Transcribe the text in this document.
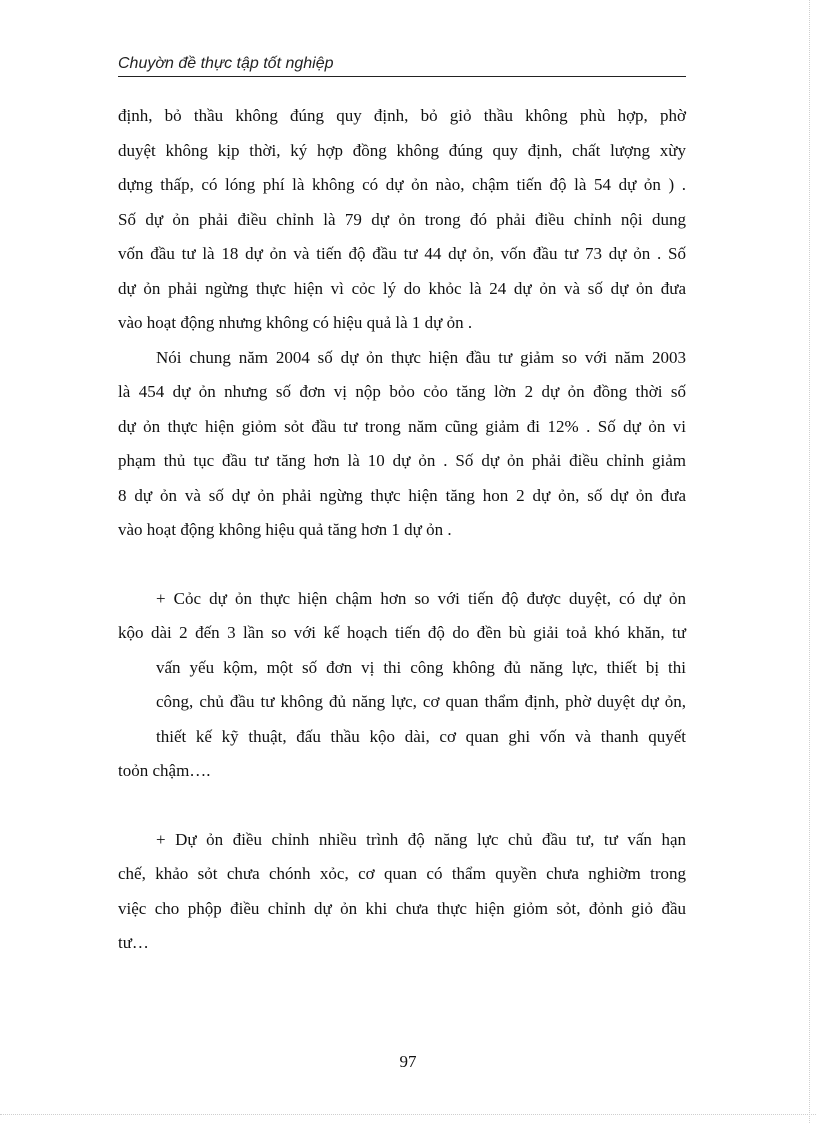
Chuyờn đề thực tập tốt nghiệp
định, bỏ thầu không đúng quy định, bỏ giỏ thầu không phù hợp, phờ
duyệt không kịp thời, ký hợp đồng không đúng quy định, chất lượng xừy
dựng thấp, có lóng phí là không có dự ỏn nào, chậm tiến độ là 54 dự ỏn ) .
Số dự ỏn phải điều chỉnh là 79 dự ỏn trong đó phải điều chỉnh nội dung
vốn đầu tư là 18 dự ỏn và tiến độ đầu tư 44 dự ỏn, vốn đầu tư 73 dự ỏn . Số
dự ỏn phải ngừng thực hiện vì cỏc lý do khỏc là 24 dự ỏn và số dự ỏn đưa
vào hoạt động nhưng không có hiệu quả là 1 dự ỏn .
Nói chung năm 2004 số dự ỏn thực hiện đầu tư giảm so với năm 2003
là 454 dự ỏn nhưng số đơn vị nộp bỏo cỏo tăng lờn 2 dự ỏn đồng thời số
dự ỏn thực hiện giỏm sỏt đầu tư trong năm cũng giảm đi 12% . Số dự ỏn vi
phạm thủ tục đầu tư tăng hơn là 10 dự ỏn . Số dự ỏn phải điều chỉnh giảm
8 dự ỏn và số dự ỏn phải ngừng thực hiện tăng hon 2 dự ỏn, số dự ỏn đưa
vào hoạt động không hiệu quả tăng hơn 1 dự ỏn .
+ Cỏc dự ỏn thực hiện chậm hơn so với tiến độ được duyệt, có dự ỏn
kộo dài 2 đến 3 lần so với kế hoạch tiến độ do đền bù giải toả khó khăn, tư
vấn yếu kộm, một số đơn vị thi công không đủ năng lực, thiết bị thi
công, chủ đầu tư không đủ năng lực, cơ quan thẩm định, phờ duyệt dự ỏn,
thiết kế kỹ thuật, đấu thầu kộo dài, cơ quan ghi vốn và thanh quyết
toỏn chậm….
+ Dự ỏn điều chỉnh nhiều trình độ năng lực chủ đầu tư, tư vấn hạn
chế, khảo sỏt chưa chónh xỏc, cơ quan có thẩm quyền chưa nghiờm trong
việc cho phộp điều chỉnh dự ỏn khi chưa thực hiện giỏm sỏt, đỏnh giỏ đầu
tư…
97
